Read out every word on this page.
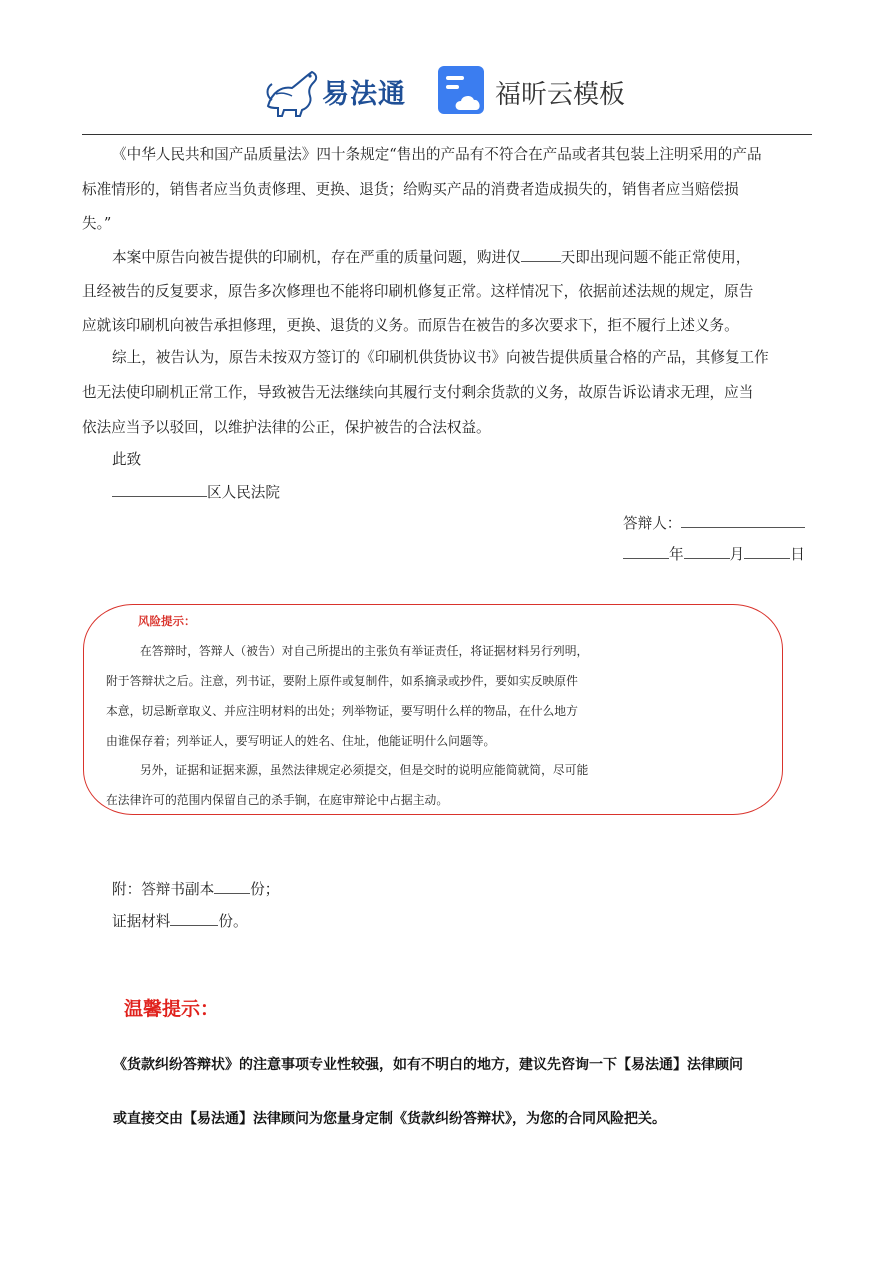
易法通	福昕云模板
《中华人民共和国产品质量法》四十条规定“售出的产品有不符合在产品或者其包装上注明采用的产品
标准情形的，销售者应当负责修理、更换、退货；给购买产品的消费者造成损失的，销售者应当赔偿损
失。”
本案中原告向被告提供的印刷机，存在严重的质量问题，购进仅	天即出现问题不能正常使用，
且经被告的反复要求，原告多次修理也不能将印刷机修复正常。这样情况下，依据前述法规的规定，原告
应就该印刷机向被告承担修理，更换、退货的义务。而原告在被告的多次要求下，拒不履行上述义务。
综上，被告认为，原告未按双方签订的《印刷机供货协议书》向被告提供质量合格的产品，其修复工作
也无法使印刷机正常工作，导致被告无法继续向其履行支付剩余货款的义务，故原告诉讼请求无理，应当
依法应当予以驳回，以维护法律的公正，保护被告的合法权益。
此致
区人民法院
答辩人：
年	月	日
风险提示：
在答辩时，答辩人（被告）对自己所提出的主张负有举证责任，将证据材料另行列明，
附于答辩状之后。注意，列书证，要附上原件或复制件，如系摘录或抄件，要如实反映原件
本意，切忌断章取义、并应注明材料的出处；列举物证，要写明什么样的物品，在什么地方
由谁保存着；列举证人，要写明证人的姓名、住址，他能证明什么问题等。
另外，证据和证据来源，虽然法律规定必须提交，但是交时的说明应能简就简，尽可能
在法律许可的范围内保留自己的杀手锏，在庭审辩论中占据主动。
附：答辩书副本 份；
证据材料	份。
温馨提示：
《货款纠纷答辩状》的注意事项专业性较强，如有不明白的地方，建议先咨询一下【易法通】法律顾问
或直接交由【易法通】法律顾问为您量身定制《货款纠纷答辩状》，为您的合同风险把关。
